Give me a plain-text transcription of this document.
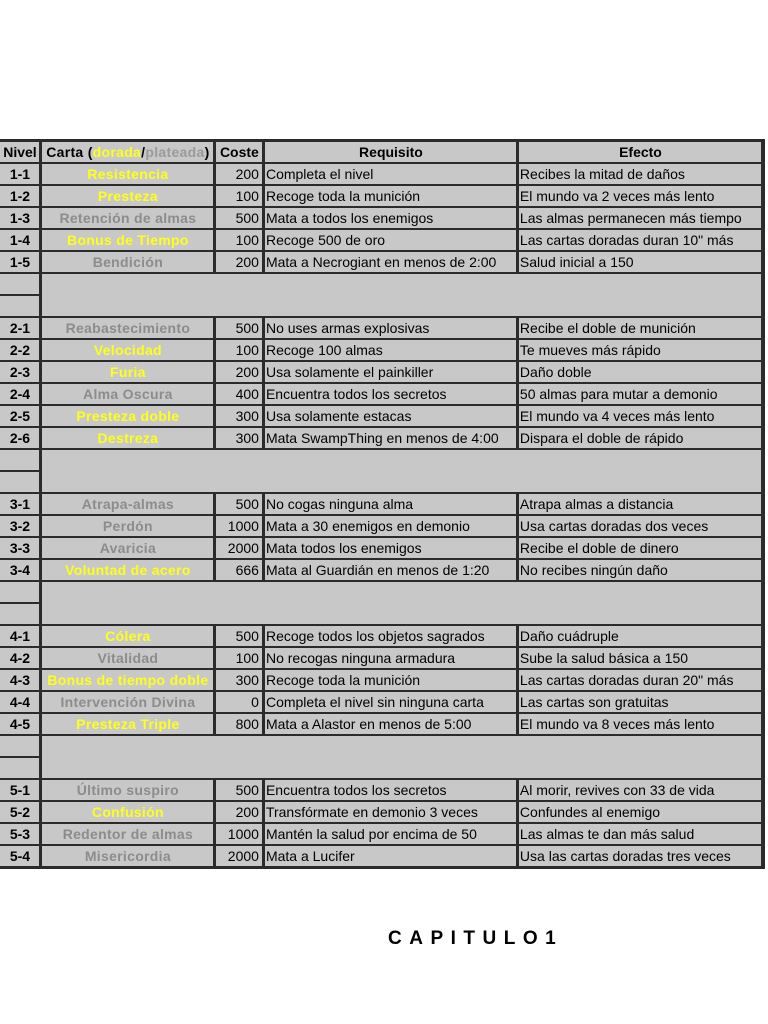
Nivel	Carta (dorada/plateada)	Coste	Requisito	Efecto
1-1	Resistencia	200	Completa el nivel	Recibes la mitad de daños
1-2	Presteza	100	Recoge toda la munición	El mundo va 2 veces más lento
1-3	Retención de almas	500	Mata a todos los enemigos	Las almas permanecen más tiempo
1-4	Bonus de Tiempo	100	Recoge 500 de oro	Las cartas doradas duran 10" más
1-5	Bendición	200	Mata a Necrogiant en menos de 2:00	Salud inicial a 150

2-1	Reabastecimiento	500	No uses armas explosivas	Recibe el doble de munición
2-2	Velocidad	100	Recoge 100 almas	Te mueves más rápido
2-3	Furia	200	Usa solamente el painkiller	Daño doble
2-4	Alma Oscura	400	Encuentra todos los secretos	50 almas para mutar a demonio
2-5	Presteza doble	300	Usa solamente estacas	El mundo va 4 veces más lento
2-6	Destreza	300	Mata SwampThing en menos de 4:00	Dispara el doble de rápido

3-1	Atrapa-almas	500	No cogas ninguna alma	Atrapa almas a distancia
3-2	Perdón	1000	Mata a 30 enemigos en demonio	Usa cartas doradas dos veces
3-3	Avaricia	2000	Mata todos los enemigos	Recibe el doble de dinero
3-4	Voluntad de acero	666	Mata al Guardián en menos de 1:20	No recibes ningún daño

4-1	Cólera	500	Recoge todos los objetos sagrados	Daño cuádruple
4-2	Vitalidad	100	No recogas ninguna armadura	Sube la salud básica a 150
4-3	Bonus de tiempo doble	300	Recoge toda la munición	Las cartas doradas duran 20" más
4-4	Intervención Divina	0	Completa el nivel sin ninguna carta	Las cartas son gratuitas
4-5	Presteza Triple	800	Mata a Alastor en menos de 5:00	El mundo va 8 veces más lento

5-1	Último suspiro	500	Encuentra todos los secretos	Al morir, revives con 33 de vida
5-2	Confusión	200	Transfórmate en demonio 3 veces	Confundes al enemigo
5-3	Redentor de almas	1000	Mantén la salud por encima de 50	Las almas te dan más salud
5-4	Misericordia	2000	Mata a Lucifer	Usa las cartas doradas tres veces
CAPITULO1
